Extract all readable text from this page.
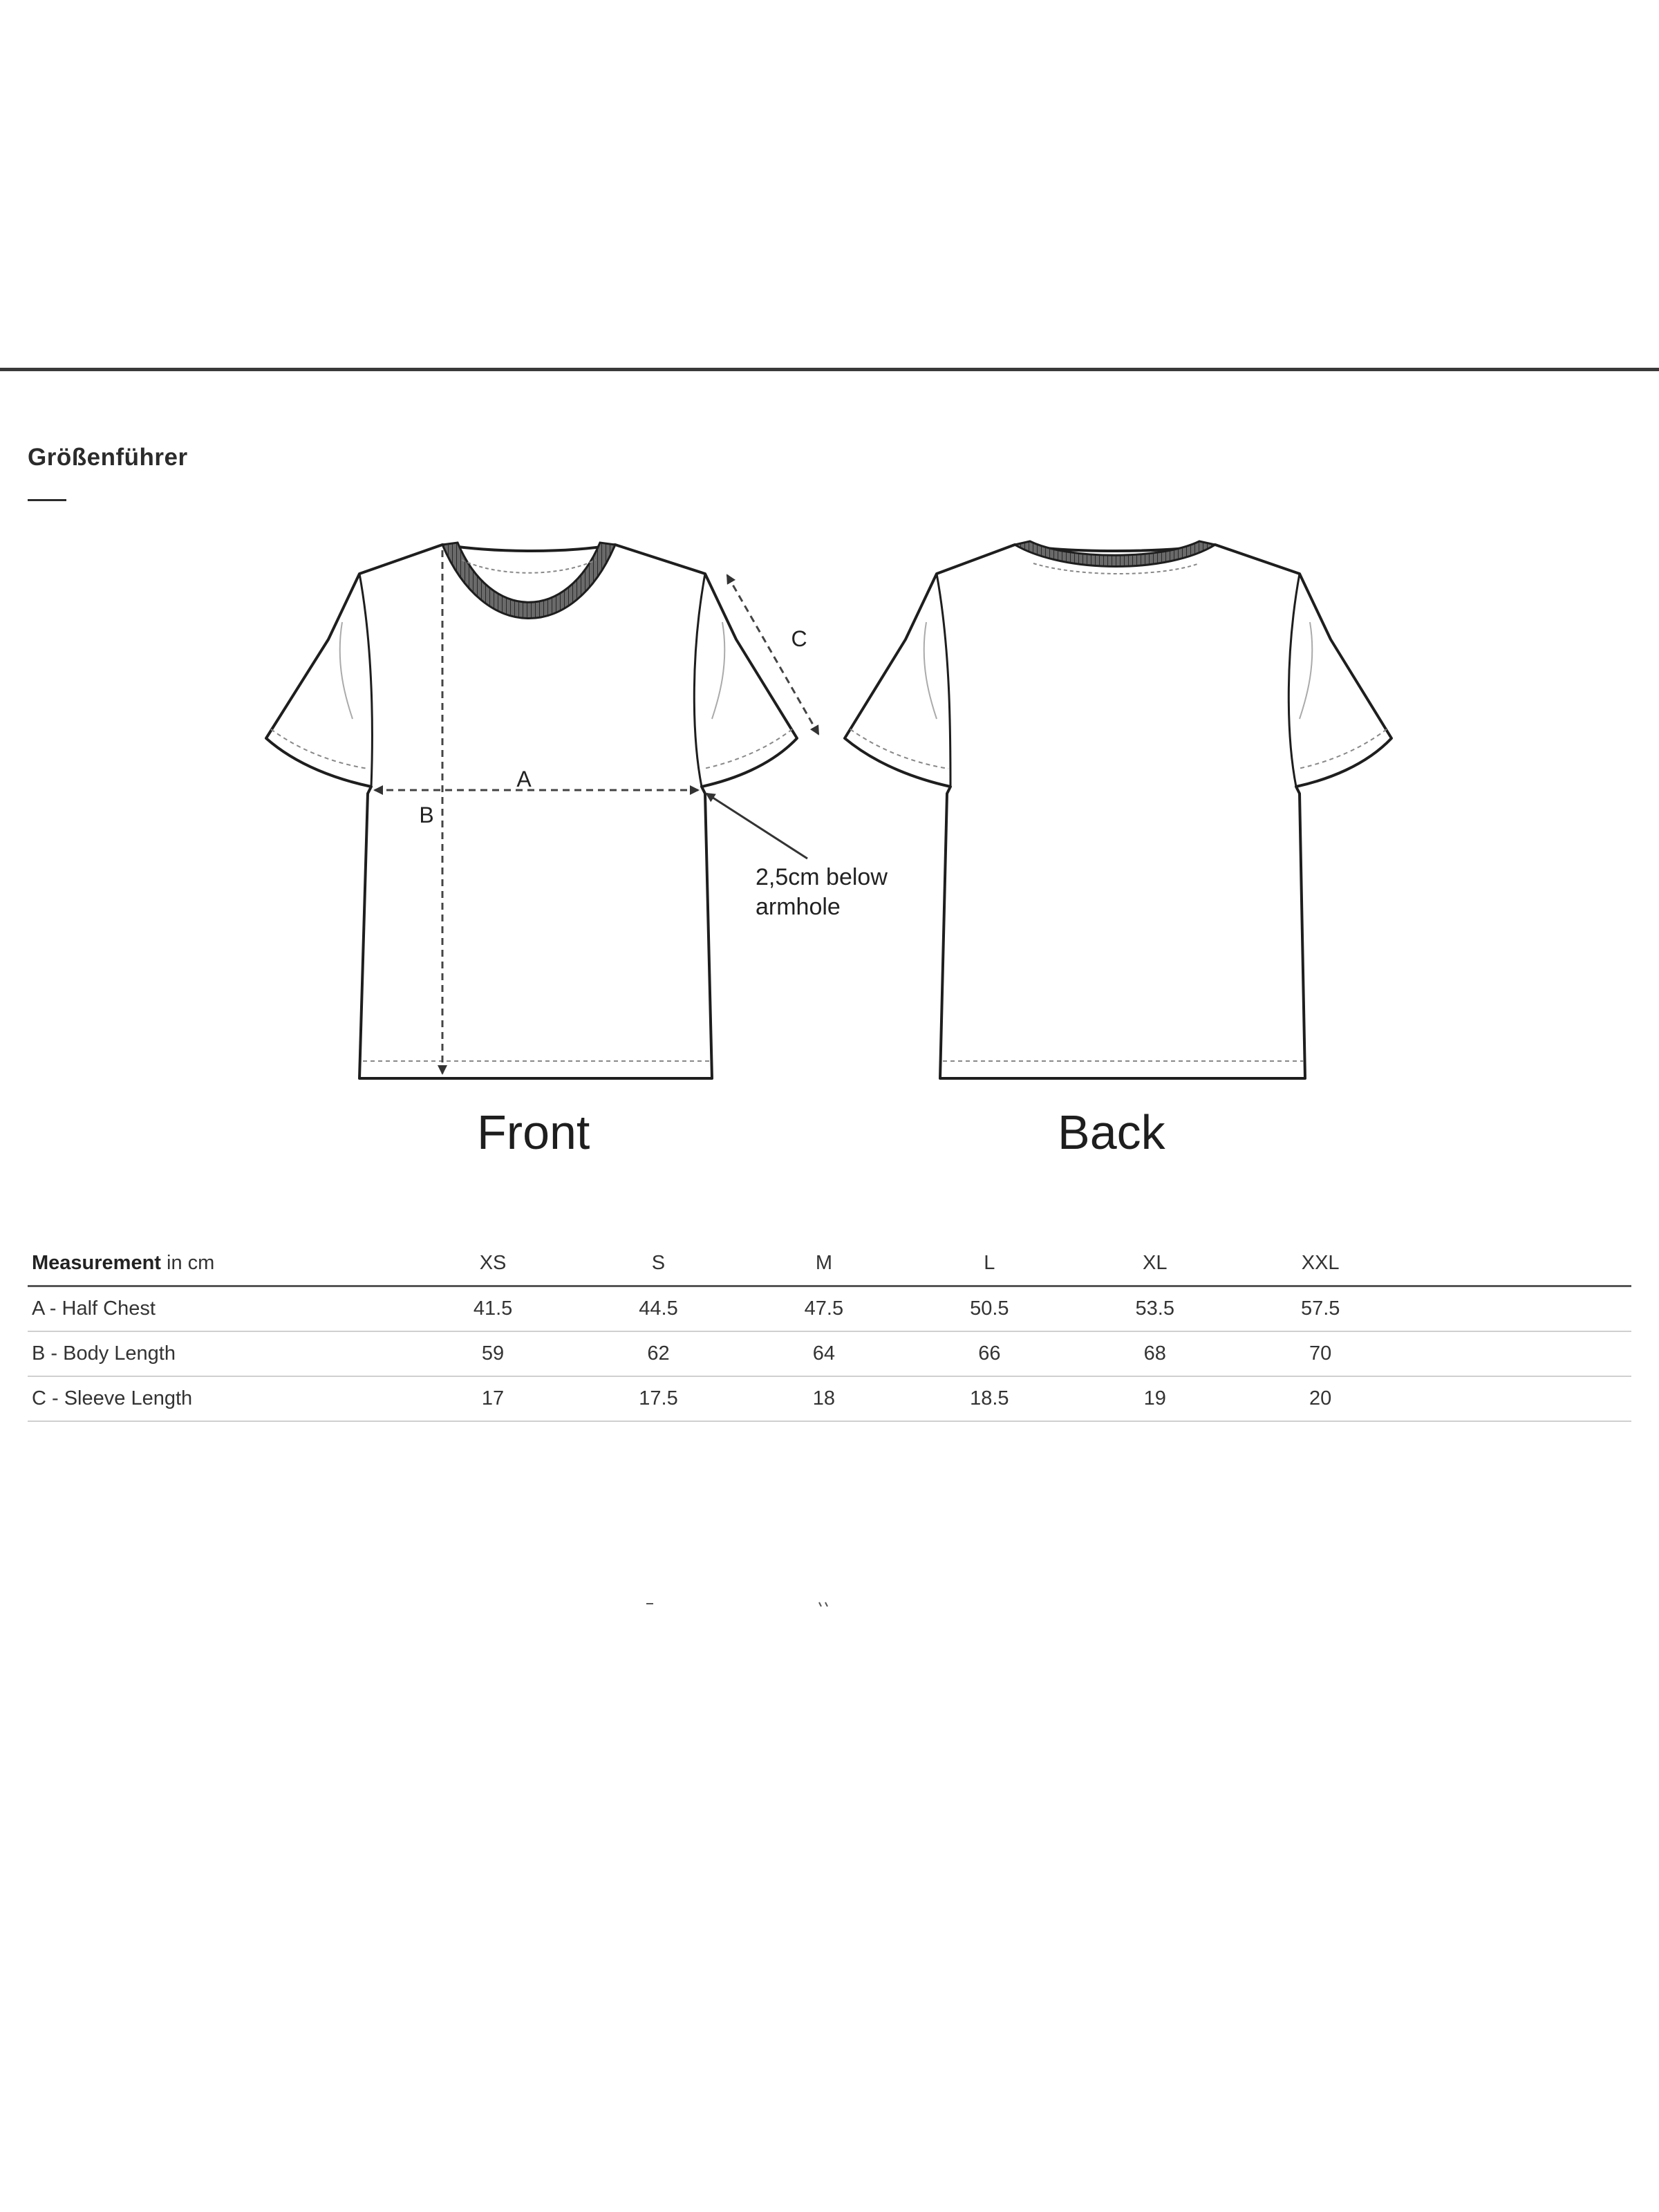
Größenführer
A
B
C
2,5cm below
armhole
Front	Back
Measurement in cm	XS	S	M	L	XL	XXL	
A - Half Chest	41.5	44.5	47.5	50.5	53.5	57.5	
B - Body Length	59	62	64	66	68	70	
C - Sleeve Length	17	17.5	18	18.5	19	20	
